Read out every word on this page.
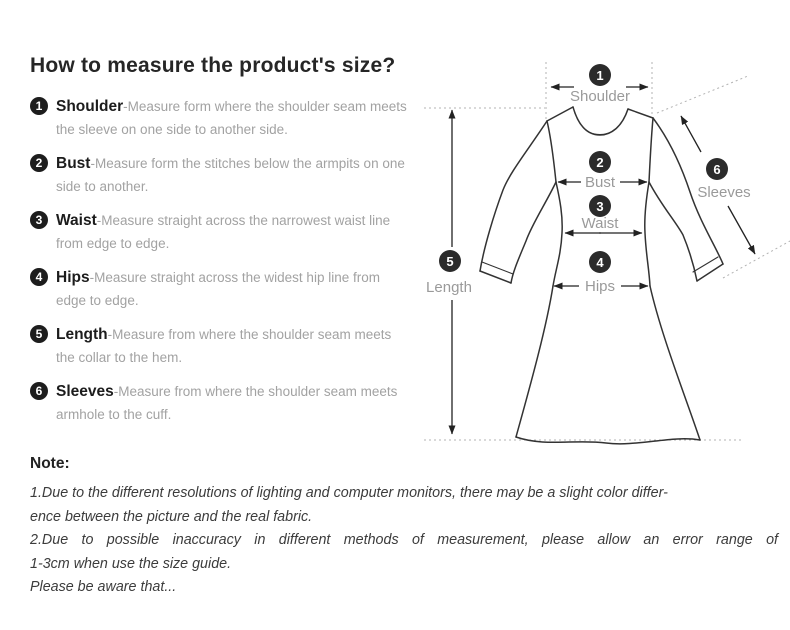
How to measure the product's size?
1 Shoulder-Measure form where the shoulder seam meets the sleeve on one side to another side.
2 Bust-Measure form the stitches below the armpits on one side to another.
3 Waist-Measure straight across the narrowest waist line from edge to edge.
4 Hips-Measure straight across the widest hip line from edge to edge.
5 Length-Measure from where the shoulder seam meets the collar to the hem.
6 Sleeves-Measure from where the shoulder seam meets armhole to the cuff.
1
2
3
4
5
6
Shoulder
Bust
Waist
Hips
Length
Sleeves
Note:
1.Due to the different resolutions of lighting and computer monitors, there may be a slight color differ-
ence between the picture and the real fabric.
2.Due to possible inaccuracy in different methods of measurement, please allow an error range of
1-3cm when use the size guide.
Please be aware that...
